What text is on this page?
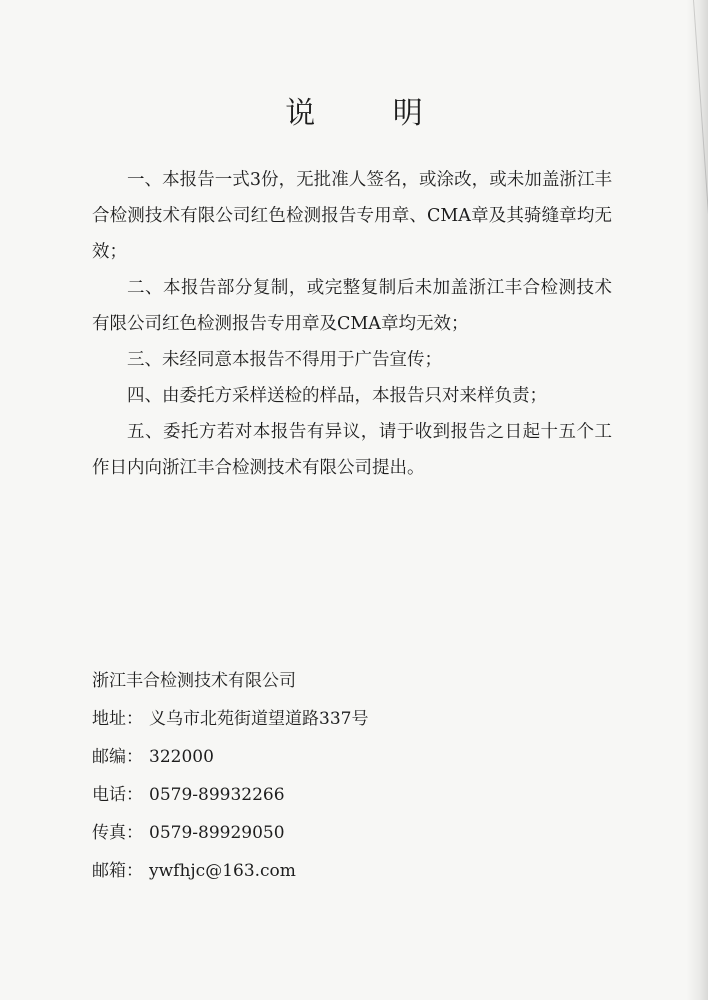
说 明

一、本报告一式3份，无批准人签名，或涂改，或未加盖浙江丰合检测技术有限公司红色检测报告专用章、CMA章及其骑缝章均无效；

二、本报告部分复制，或完整复制后未加盖浙江丰合检测技术有限公司红色检测报告专用章及CMA章均无效；

三、未经同意本报告不得用于广告宣传；

四、由委托方采样送检的样品，本报告只对来样负责；

五、委托方若对本报告有异议，请于收到报告之日起十五个工作日内向浙江丰合检测技术有限公司提出。

浙江丰合检测技术有限公司
地址： 义乌市北苑街道望道路337号
邮编： 322000
电话： 0579-89932266
传真： 0579-89929050
邮箱： ywfhjc@163.com
